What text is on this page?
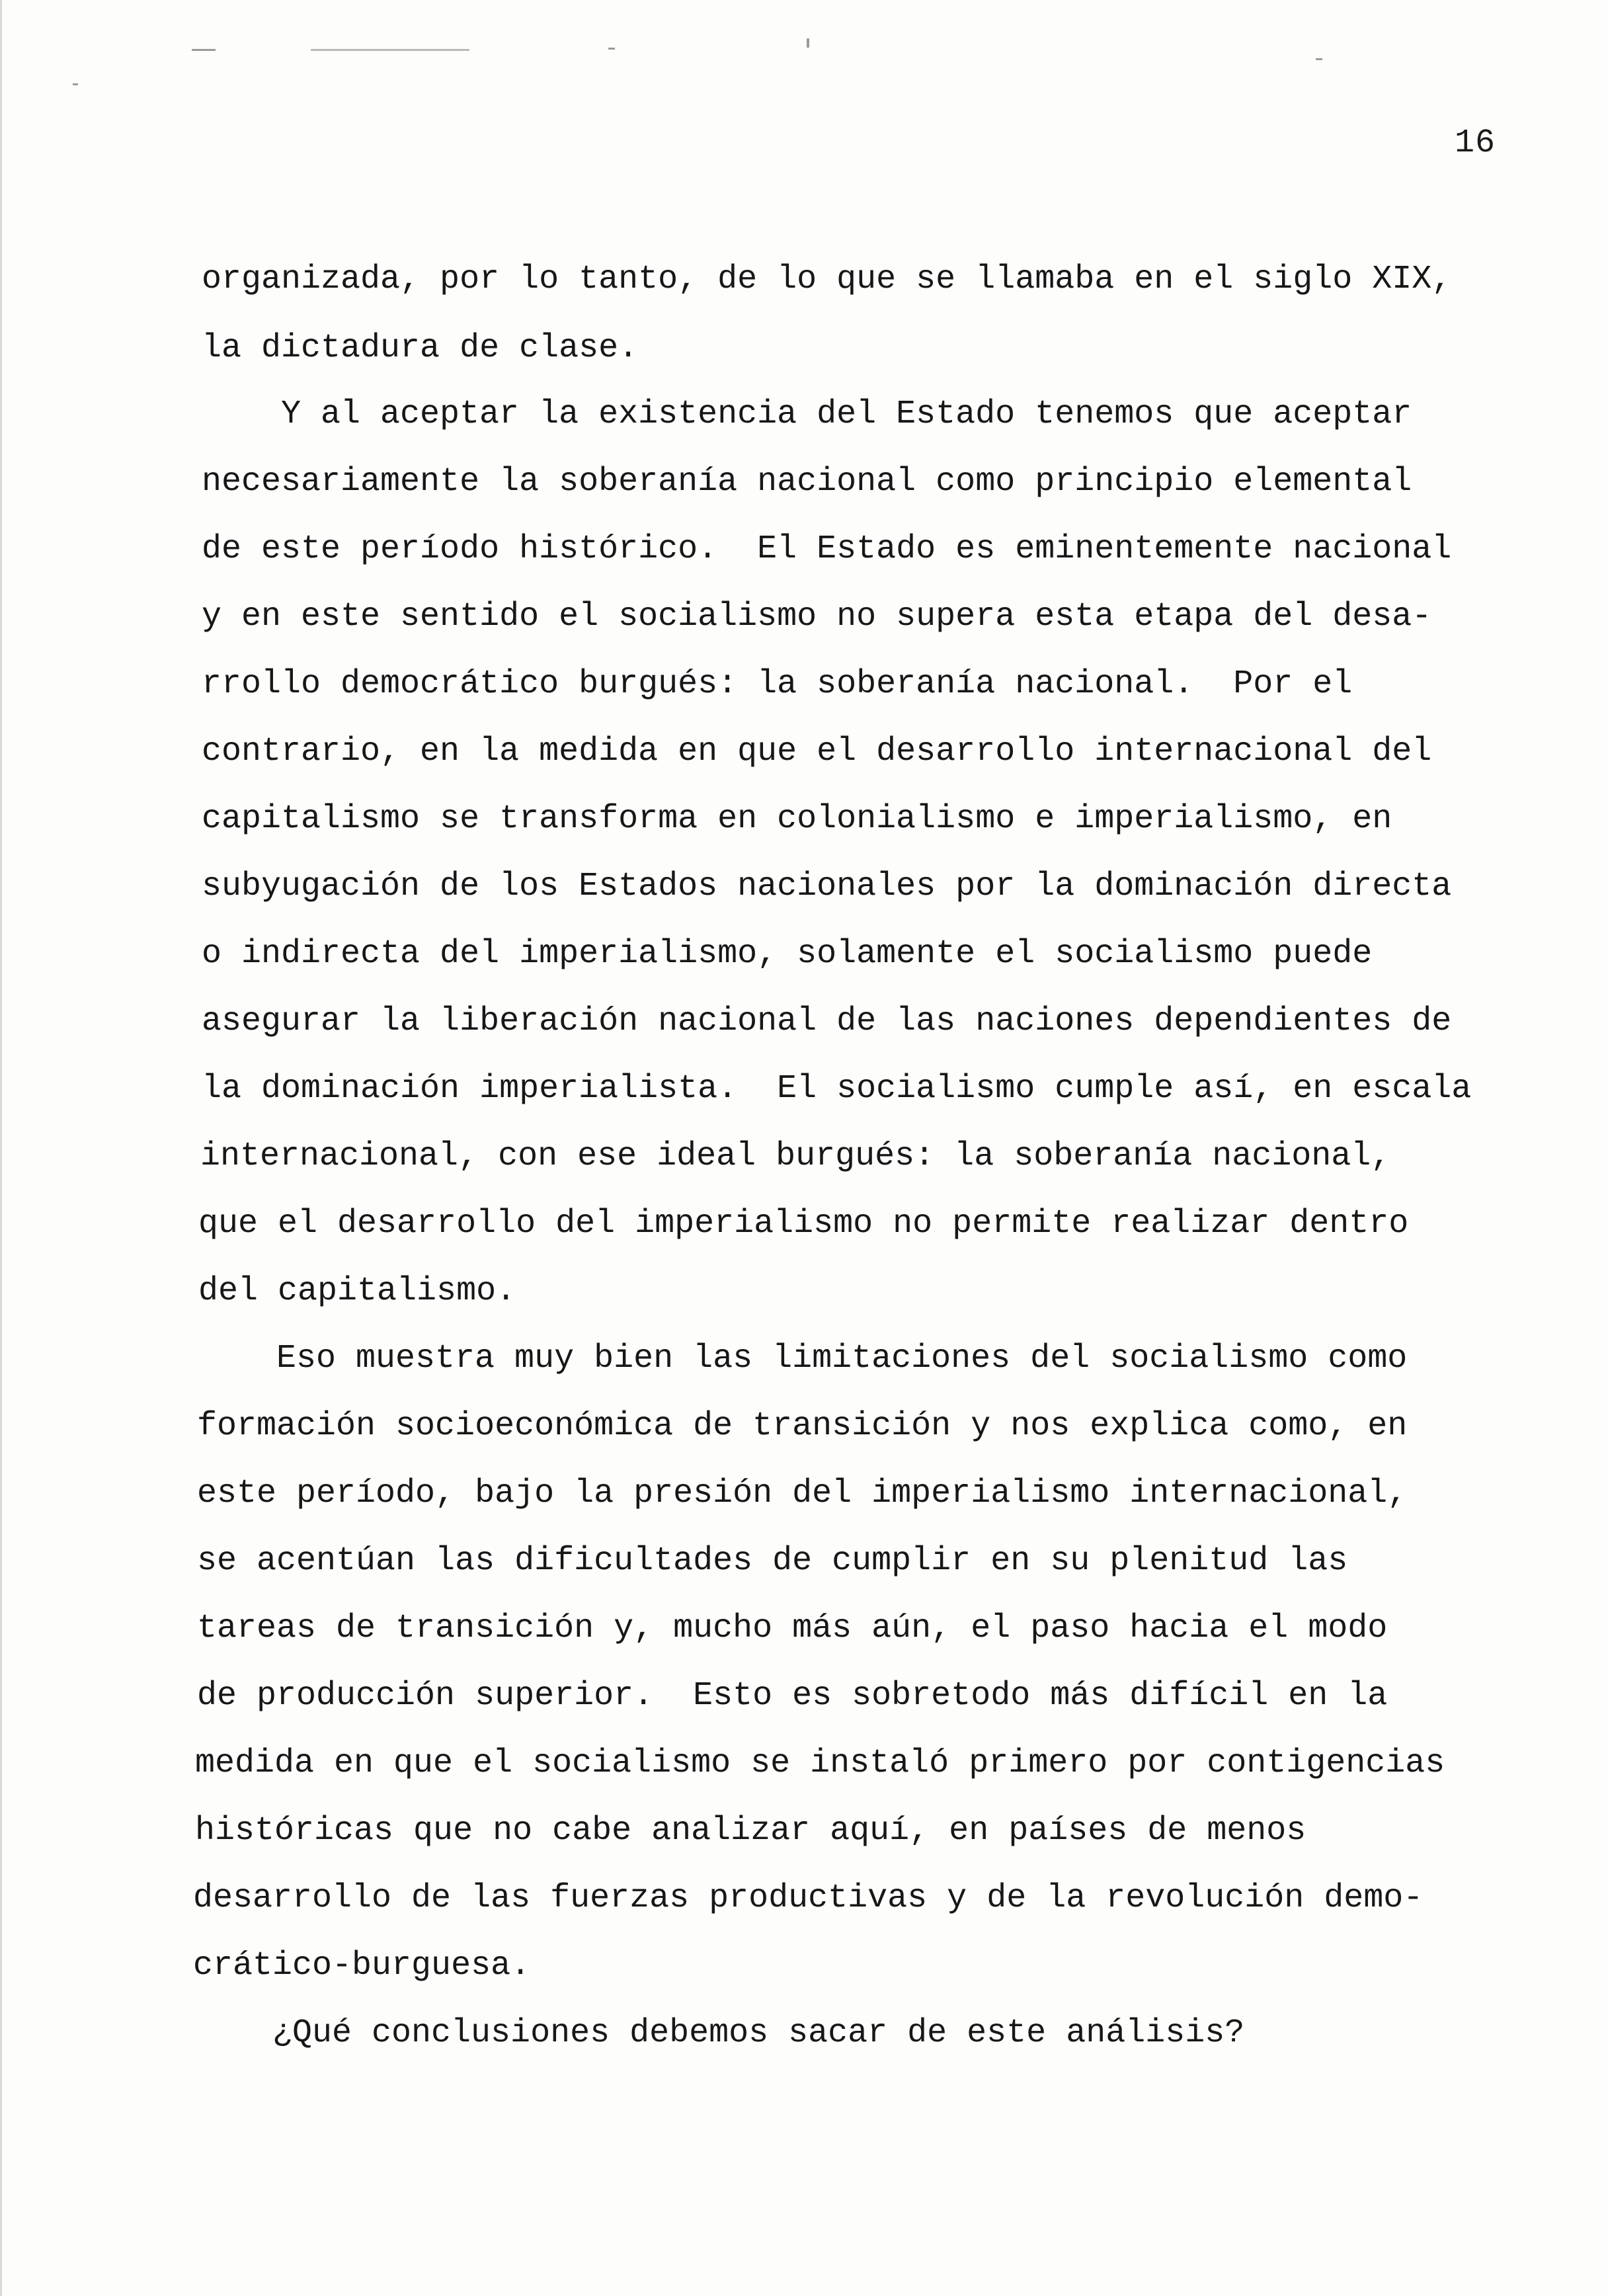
16
organizada, por lo tanto, de lo que se llamaba en el siglo XIX,
la dictadura de clase.
Y al aceptar la existencia del Estado tenemos que aceptar
necesariamente la soberanía nacional como principio elemental
de este período histórico.  El Estado es eminentemente nacional
y en este sentido el socialismo no supera esta etapa del desa-
rrollo democrático burgués: la soberanía nacional.  Por el
contrario, en la medida en que el desarrollo internacional del
capitalismo se transforma en colonialismo e imperialismo, en
subyugación de los Estados nacionales por la dominación directa
o indirecta del imperialismo, solamente el socialismo puede
asegurar la liberación nacional de las naciones dependientes de
la dominación imperialista.  El socialismo cumple así, en escala
internacional, con ese ideal burgués: la soberanía nacional,
que el desarrollo del imperialismo no permite realizar dentro
del capitalismo.
Eso muestra muy bien las limitaciones del socialismo como
formación socioeconómica de transición y nos explica como, en
este período, bajo la presión del imperialismo internacional,
se acentúan las dificultades de cumplir en su plenitud las
tareas de transición y, mucho más aún, el paso hacia el modo
de producción superior.  Esto es sobretodo más difícil en la
medida en que el socialismo se instaló primero por contigencias
históricas que no cabe analizar aquí, en países de menos
desarrollo de las fuerzas productivas y de la revolución demo-
crático-burguesa.
¿Qué conclusiones debemos sacar de este análisis?
